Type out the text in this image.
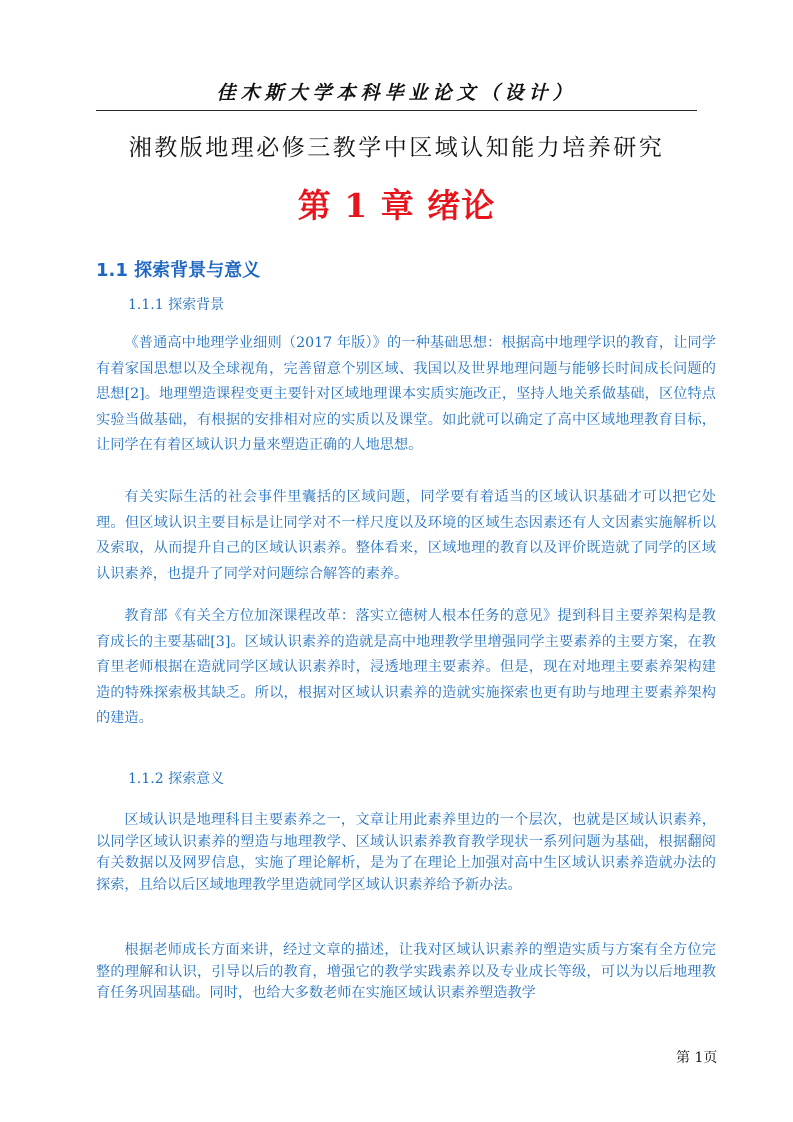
佳木斯大学本科毕业论文（设计）
湘教版地理必修三教学中区域认知能力培养研究
第 1 章 绪论
1.1 探索背景与意义
1.1.1 探索背景

《普通高中地理学业细则（2017 年版）》的一种基础思想：根据高中地理学识的教育，让同学有着家国思想以及全球视角，完善留意个别区域、我国以及世界地理问题与能够长时间成长问题的思想[2]。地理塑造课程变更主要针对区域地理课本实质实施改正，坚持人地关系做基础，区位特点实验当做基础，有根据的安排相对应的实质以及课堂。如此就可以确定了高中区域地理教育目标，让同学在有着区域认识力量来塑造正确的人地思想。

有关实际生活的社会事件里囊括的区域问题，同学要有着适当的区域认识基础才可以把它处理。但区域认识主要目标是让同学对不一样尺度以及环境的区域生态因素还有人文因素实施解析以及索取，从而提升自己的区域认识素养。整体看来，区域地理的教育以及评价既造就了同学的区域认识素养，也提升了同学对问题综合解答的素养。

教育部《有关全方位加深课程改革：落实立德树人根本任务的意见》提到科目主要养架构是教育成长的主要基础[3]。区域认识素养的造就是高中地理教学里增强同学主要素养的主要方案，在教育里老师根据在造就同学区域认识素养时，浸透地理主要素养。但是，现在对地理主要素养架构建造的特殊探索极其缺乏。所以，根据对区域认识素养的造就实施探索也更有助与地理主要素养架构的建造。

1.1.2 探索意义

区域认识是地理科目主要素养之一，文章让用此素养里边的一个层次，也就是区域认识素养，以同学区域认识素养的塑造与地理教学、区域认识素养教育教学现状一系列问题为基础，根据翻阅有关数据以及网罗信息，实施了理论解析，是为了在理论上加强对高中生区域认识素养造就办法的探索，且给以后区域地理教学里造就同学区域认识素养给予新办法。

根据老师成长方面来讲，经过文章的描述，让我对区域认识素养的塑造实质与方案有全方位完整的理解和认识，引导以后的教育，增强它的教学实践素养以及专业成长等级，可以为以后地理教育任务巩固基础。同时，也给大多数老师在实施区域认识素养塑造教学

第 1页
